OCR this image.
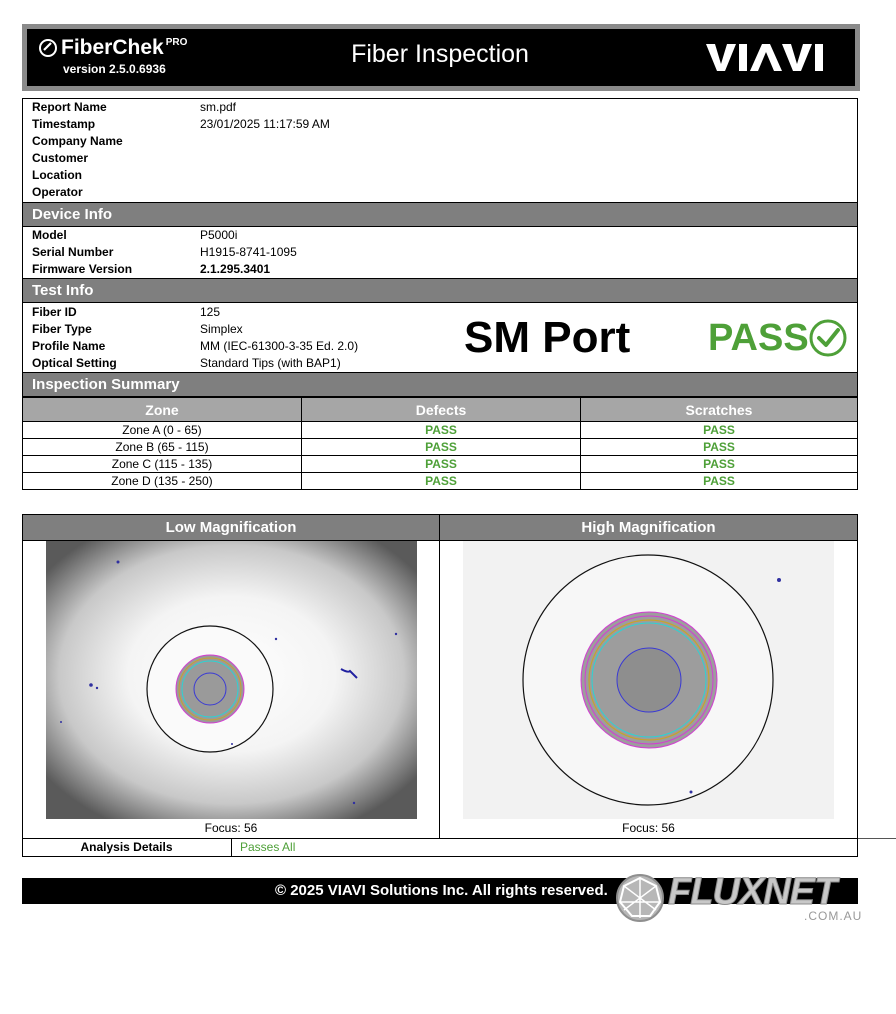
FiberChek PRO
version 2.5.0.6936
Fiber Inspection
Report Name	sm.pdf
Timestamp	23/01/2025 11:17:59 AM
Company Name
Customer
Location
Operator
Device Info
Model	P5000i
Serial Number	H1915-8741-1095
Firmware Version	2.1.295.3401
Test Info
Fiber ID	125
Fiber Type	Simplex
Profile Name	MM (IEC-61300-3-35 Ed. 2.0)
Optical Setting	Standard Tips (with BAP1)
SM Port PASS
Inspection Summary
Zone	Defects	Scratches
Zone A (0 - 65)	PASS	PASS
Zone B (65 - 115)	PASS	PASS
Zone C (115 - 135)	PASS	PASS
Zone D (135 - 250)	PASS	PASS
Low Magnification	High Magnification
Focus: 56	Focus: 56
Analysis Details	Passes All
© 2025 VIAVI Solutions Inc. All rights reserved. FLUXNET
.COM.AU
